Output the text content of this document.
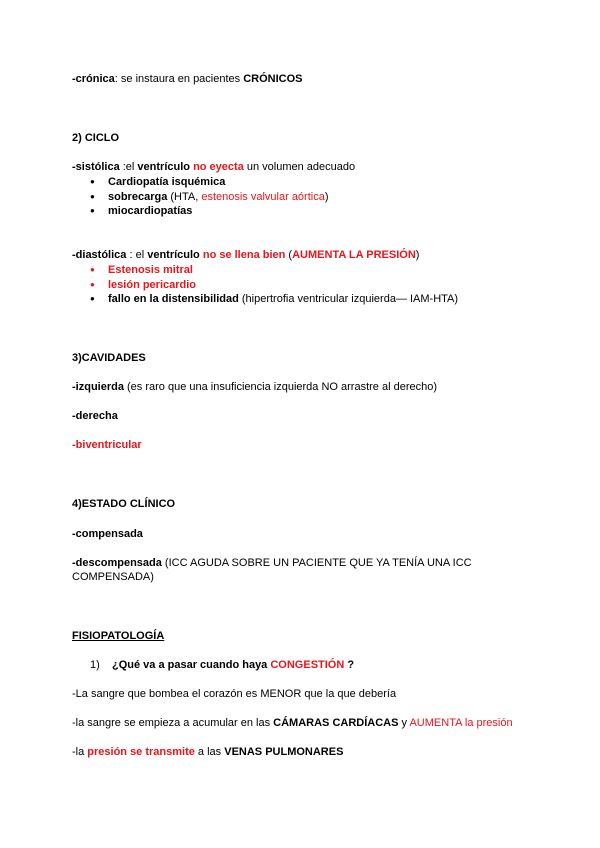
-crónica: se instaura en pacientes CRÓNICOS
2) CICLO
-sistólica :el ventrículo no eyecta un volumen adecuado
● Cardiopatía isquémica
● sobrecarga (HTA, estenosis valvular aórtica)
● miocardiopatías
-diastólica : el ventrículo no se llena bien (AUMENTA LA PRESIÓN)
● Estenosis mitral
● lesión pericardio
● fallo en la distensibilidad (hipertrofia ventricular izquierda— IAM-HTA)
3)CAVIDADES
-izquierda (es raro que una insuficiencia izquierda NO arrastre al derecho)
-derecha
-biventricular
4)ESTADO CLÍNICO
-compensada
-descompensada (ICC AGUDA SOBRE UN PACIENTE QUE YA TENÍA UNA ICC COMPENSADA)
FISIOPATOLOGÍA
1) ¿Qué va a pasar cuando haya CONGESTIÓN ?
-La sangre que bombea el corazón es MENOR que la que debería
-la sangre se empieza a acumular en las CÁMARAS CARDÍACAS y AUMENTA la presión
-la presión se transmite a las VENAS PULMONARES
